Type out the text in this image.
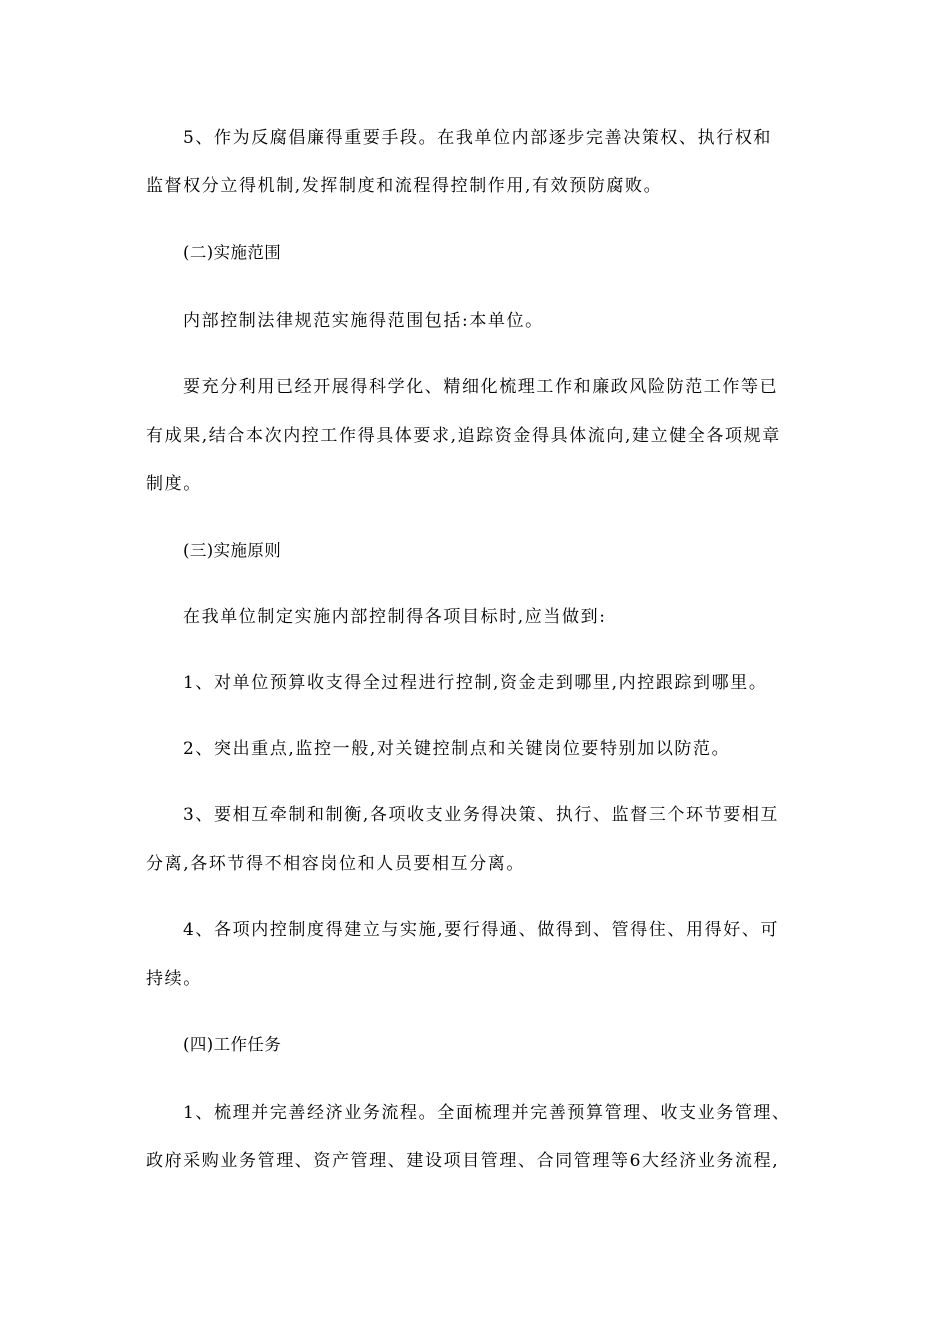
5、作为反腐倡廉得重要手段。在我单位内部逐步完善决策权、执行权和
监督权分立得机制,发挥制度和流程得控制作用,有效预防腐败。
(二)实施范围
内部控制法律规范实施得范围包括:本单位。
要充分利用已经开展得科学化、精细化梳理工作和廉政风险防范工作等已
有成果,结合本次内控工作得具体要求,追踪资金得具体流向,建立健全各项规章
制度。
(三)实施原则
在我单位制定实施内部控制得各项目标时,应当做到:
1、对单位预算收支得全过程进行控制,资金走到哪里,内控跟踪到哪里。
2、突出重点,监控一般,对关键控制点和关键岗位要特别加以防范。
3、要相互牵制和制衡,各项收支业务得决策、执行、监督三个环节要相互
分离,各环节得不相容岗位和人员要相互分离。
4、各项内控制度得建立与实施,要行得通、做得到、管得住、用得好、可
持续。
(四)工作任务
1、梳理并完善经济业务流程。全面梳理并完善预算管理、收支业务管理、
政府采购业务管理、资产管理、建设项目管理、合同管理等6大经济业务流程,
